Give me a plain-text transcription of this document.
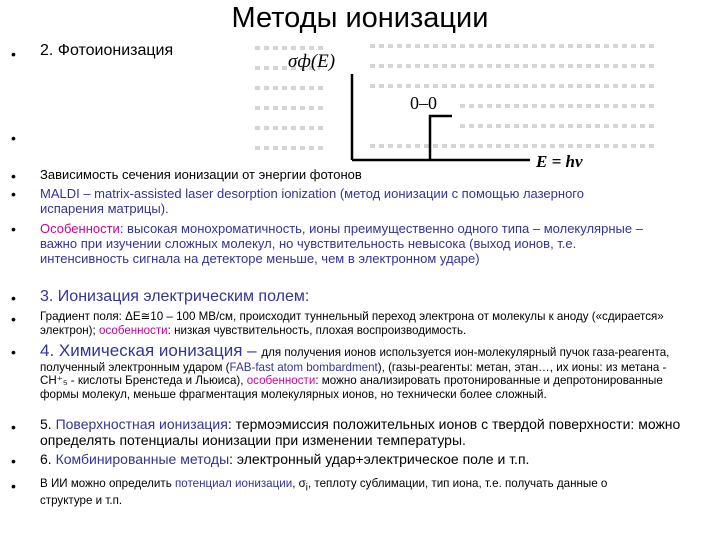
Методы ионизации
• 2. Фотоионизация
σф(E)
0–0
E = hν
•
• Зависимость сечения ионизации от энергии фотонов
• MALDI – matrix-assisted laser desorption ionization (метод ионизации с помощью лазерного испарения матрицы).
• Особенности: высокая монохроматичность, ионы преимущественно одного типа – молекулярные – важно при изучении сложных молекул, но чувствительность невысока (выход ионов, т.е. интенсивность сигнала на детекторе меньше, чем в электронном ударе)
• 3. Ионизация электрическим полем:
• Градиент поля: ΔE≅10 – 100 МВ/см, происходит туннельный переход электрона от молекулы к аноду («сдирается» электрон); особенности: низкая чувствительность, плохая воспроизводимость.
• 4. Химическая ионизация – для получения ионов используется ион-молекулярный пучок газа-реагента, полученный электронным ударом (FAB-fast atom bombardment), (газы-реагенты: метан, этан…, их ионы: из метана - CH⁺₅ - кислоты Бренстеда и Льюиса), особенности: можно анализировать протонированные и депротонированные формы молекул, меньше фрагментация молекулярных ионов, но технически более сложный.
• 5. Поверхностная ионизация: термоэмиссия положительных ионов с твердой поверхности: можно определять потенциалы ионизации при изменении температуры.
• 6. Комбинированные методы: электронный удар+электрическое поле и т.п.
• В ИИ можно определить потенциал ионизации, $\sigma_i$, теплоту сублимации, тип иона, т.е. получать данные о структуре и т.п.
